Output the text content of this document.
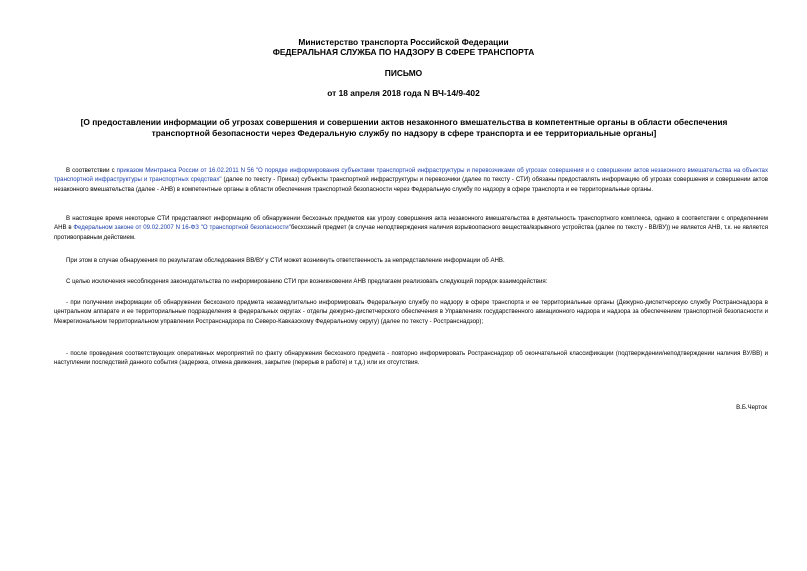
Министерство транспорта Российской Федерации
ФЕДЕРАЛЬНАЯ СЛУЖБА ПО НАДЗОРУ В СФЕРЕ ТРАНСПОРТА
ПИСЬМО
от 18 апреля 2018 года N ВЧ-14/9-402
[О предоставлении информации об угрозах совершения и совершении актов незаконного вмешательства в компетентные органы в области обеспечения транспортной безопасности через Федеральную службу по надзору в сфере транспорта и ее территориальные органы]
В соответствии с приказом Минтранса России от 16.02.2011 N 56 "О порядке информирования субъектами транспортной инфраструктуры и перевозчиками об угрозах совершения и о совершении актов незаконного вмешательства на объектах транспортной инфраструктуры и транспортных средствах" (далее по тексту - Приказ) субъекты транспортной инфраструктуры и перевозчики (далее по тексту - СТИ) обязаны предоставлять информацию об угрозах совершения и совершении актов незаконного вмешательства (далее - АНВ) в компетентные органы в области обеспечения транспортной безопасности через Федеральную службу по надзору в сфере транспорта и ее территориальные органы.
В настоящее время некоторые СТИ представляют информацию об обнаружении бесхозных предметов как угрозу совершения акта незаконного вмешательства в деятельность транспортного комплекса, однако в соответствии с определением АНВ в Федеральном законе от 09.02.2007 N 16-ФЗ "О транспортной безопасности"бесхозный предмет (в случае неподтверждения наличия взрывоопасного вещества/взрывного устройства (далее по тексту - ВВ/ВУ)) не является АНВ, т.к. не является противоправным действием.
При этом в случае обнаружения по результатам обследования ВВ/ВУ у СТИ может возникнуть ответственность за непредставление информации об АНВ.
С целью исключения несоблюдения законодательства по информированию СТИ при возникновении АНВ предлагаем реализовать следующий порядок взаимодействия:
- при получении информации об обнаружении бесхозного предмета незамедлительно информировать Федеральную службу по надзору в сфере транспорта и ее территориальные органы (Дежурно-диспетчерскую службу Ространснадзора в центральном аппарате и ее территориальные подразделения в федеральных округах - отделы дежурно-диспетчерского обеспечения в Управлениях государственного авиационного надзора и надзора за обеспечением транспортной безопасности и Межрегиональном территориальном управлении Ространснадзора по Северо-Кавказскому Федеральному округу) (далее по тексту - Ространснадзор);
- после проведения соответствующих оперативных мероприятий по факту обнаружения бесхозного предмета - повторно информировать Ространснадзор об окончательной классификации (подтверждении/неподтверждении наличия ВУ/ВВ) и наступлении последствий данного события (задержка, отмена движения, закрытие (перерыв в работе) и т.д.) или их отсутствия.
В.Б.Черток
